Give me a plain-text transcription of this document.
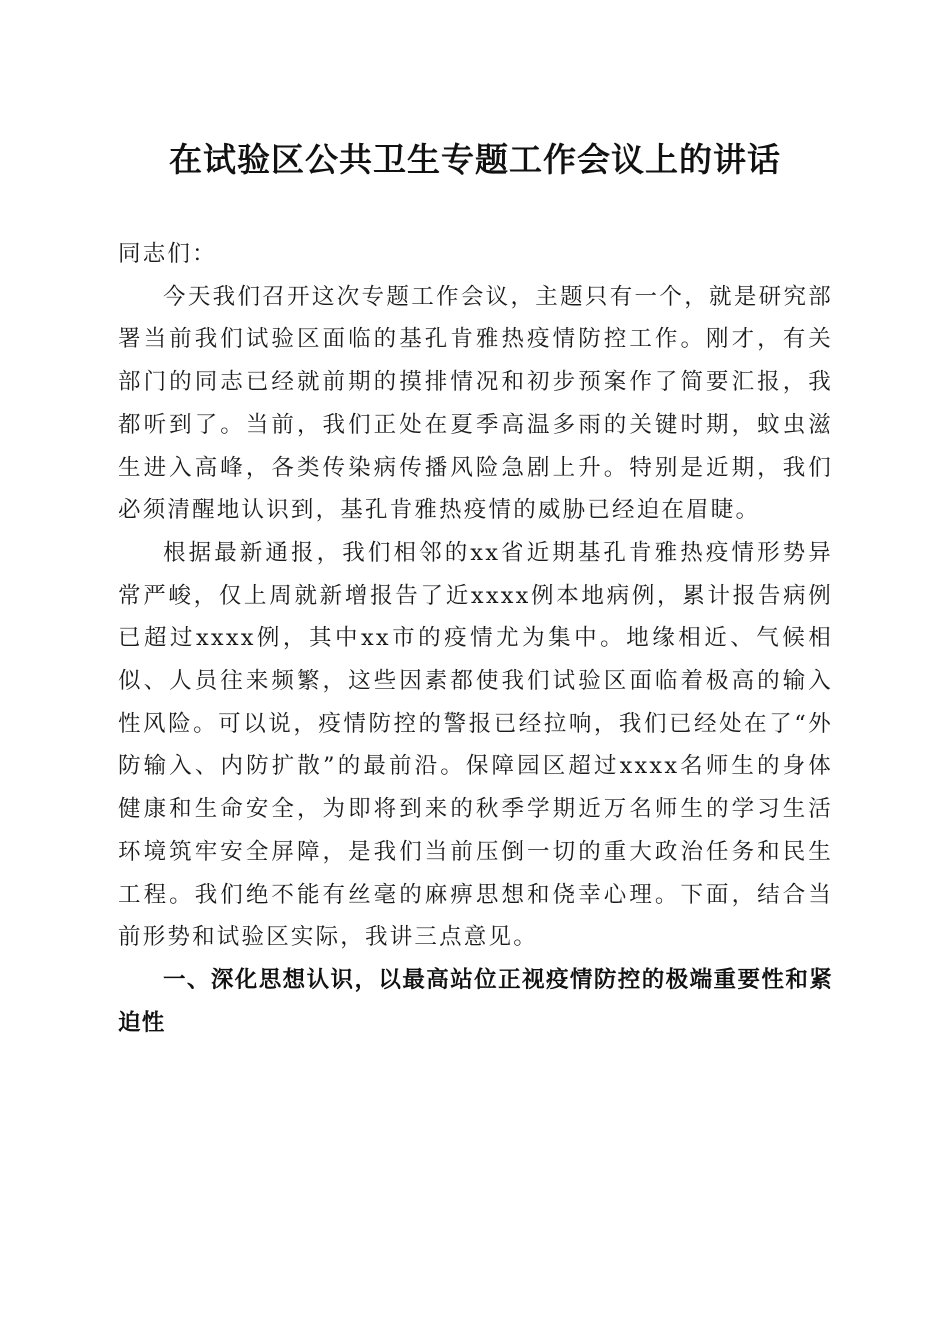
在试验区公共卫生专题工作会议上的讲话

同志们：

今天我们召开这次专题工作会议，主题只有一个，就是研究部署当前我们试验区面临的基孔肯雅热疫情防控工作。刚才，有关部门的同志已经就前期的摸排情况和初步预案作了简要汇报，我都听到了。当前，我们正处在夏季高温多雨的关键时期，蚊虫滋生进入高峰，各类传染病传播风险急剧上升。特别是近期，我们必须清醒地认识到，基孔肯雅热疫情的威胁已经迫在眉睫。

根据最新通报，我们相邻的xx省近期基孔肯雅热疫情形势异常严峻，仅上周就新增报告了近xxxx例本地病例，累计报告病例已超过xxxx例，其中xx市的疫情尤为集中。地缘相近、气候相似、人员往来频繁，这些因素都使我们试验区面临着极高的输入性风险。可以说，疫情防控的警报已经拉响，我们已经处在了“外防输入、内防扩散”的最前沿。保障园区超过xxxx名师生的身体健康和生命安全，为即将到来的秋季学期近万名师生的学习生活环境筑牢安全屏障，是我们当前压倒一切的重大政治任务和民生工程。我们绝不能有丝毫的麻痹思想和侥幸心理。下面，结合当前形势和试验区实际，我讲三点意见。

一、深化思想认识，以最高站位正视疫情防控的极端重要性和紧迫性
